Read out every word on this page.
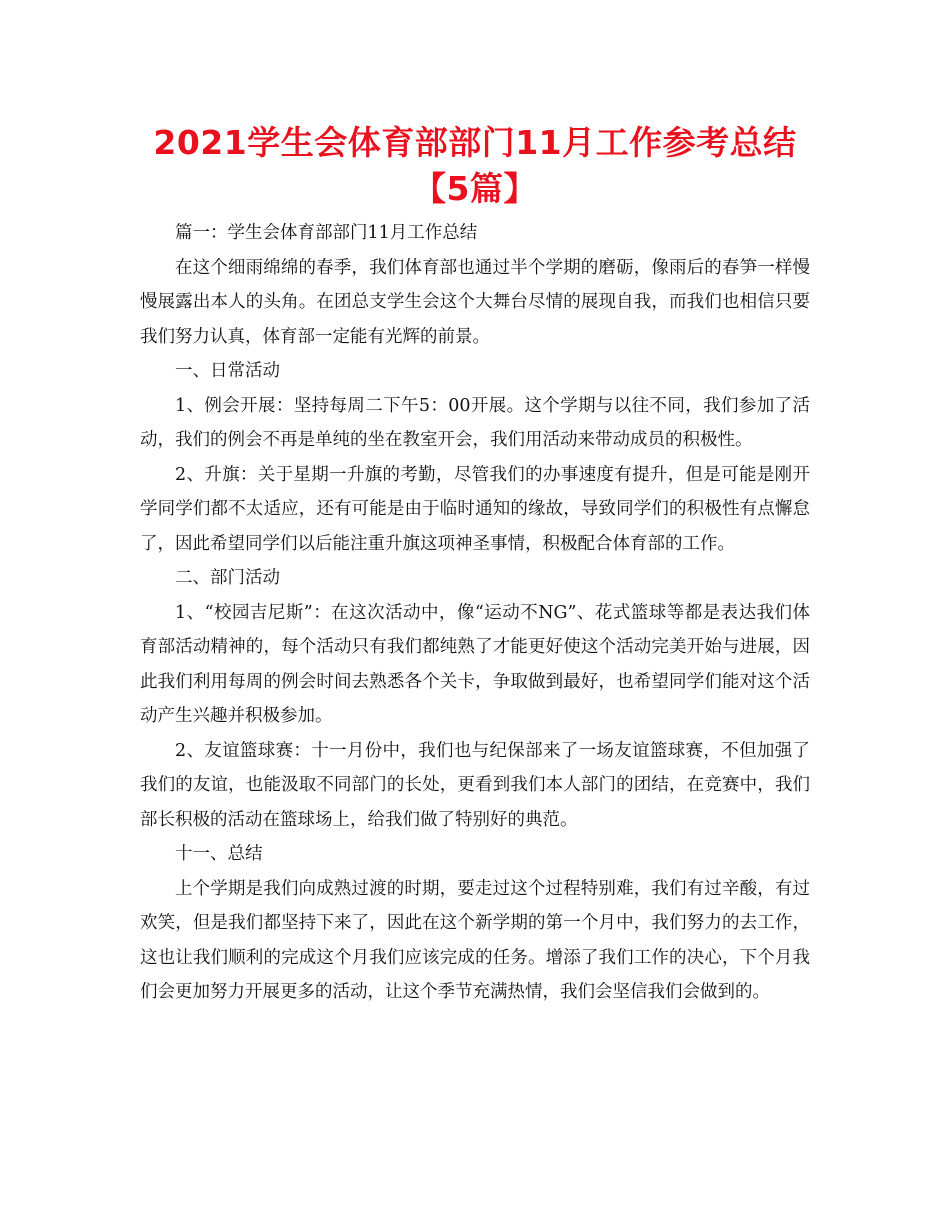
2021学生会体育部部门11月工作参考总结【5篇】

篇一：学生会体育部部门11月工作总结

在这个细雨绵绵的春季，我们体育部也通过半个学期的磨砺，像雨后的春笋一样慢慢展露出本人的头角。在团总支学生会这个大舞台尽情的展现自我，而我们也相信只要我们努力认真，体育部一定能有光辉的前景。

一、日常活动

1、例会开展：坚持每周二下午5：00开展。这个学期与以往不同，我们参加了活动，我们的例会不再是单纯的坐在教室开会，我们用活动来带动成员的积极性。

2、升旗：关于星期一升旗的考勤，尽管我们的办事速度有提升，但是可能是刚开学同学们都不太适应，还有可能是由于临时通知的缘故，导致同学们的积极性有点懈怠了，因此希望同学们以后能注重升旗这项神圣事情，积极配合体育部的工作。

二、部门活动

1、“校园吉尼斯”：在这次活动中，像“运动不NG”、花式篮球等都是表达我们体育部活动精神的，每个活动只有我们都纯熟了才能更好使这个活动完美开始与进展，因此我们利用每周的例会时间去熟悉各个关卡，争取做到最好，也希望同学们能对这个活动产生兴趣并积极参加。

2、友谊篮球赛：十一月份中，我们也与纪保部来了一场友谊篮球赛，不但加强了我们的友谊，也能汲取不同部门的长处，更看到我们本人部门的团结，在竞赛中，我们部长积极的活动在篮球场上，给我们做了特别好的典范。

十一、总结

上个学期是我们向成熟过渡的时期，要走过这个过程特别难，我们有过辛酸，有过欢笑，但是我们都坚持下来了，因此在这个新学期的第一个月中，我们努力的去工作，这也让我们顺利的完成这个月我们应该完成的任务。增添了我们工作的决心，下个月我们会更加努力开展更多的活动，让这个季节充满热情，我们会坚信我们会做到的。
